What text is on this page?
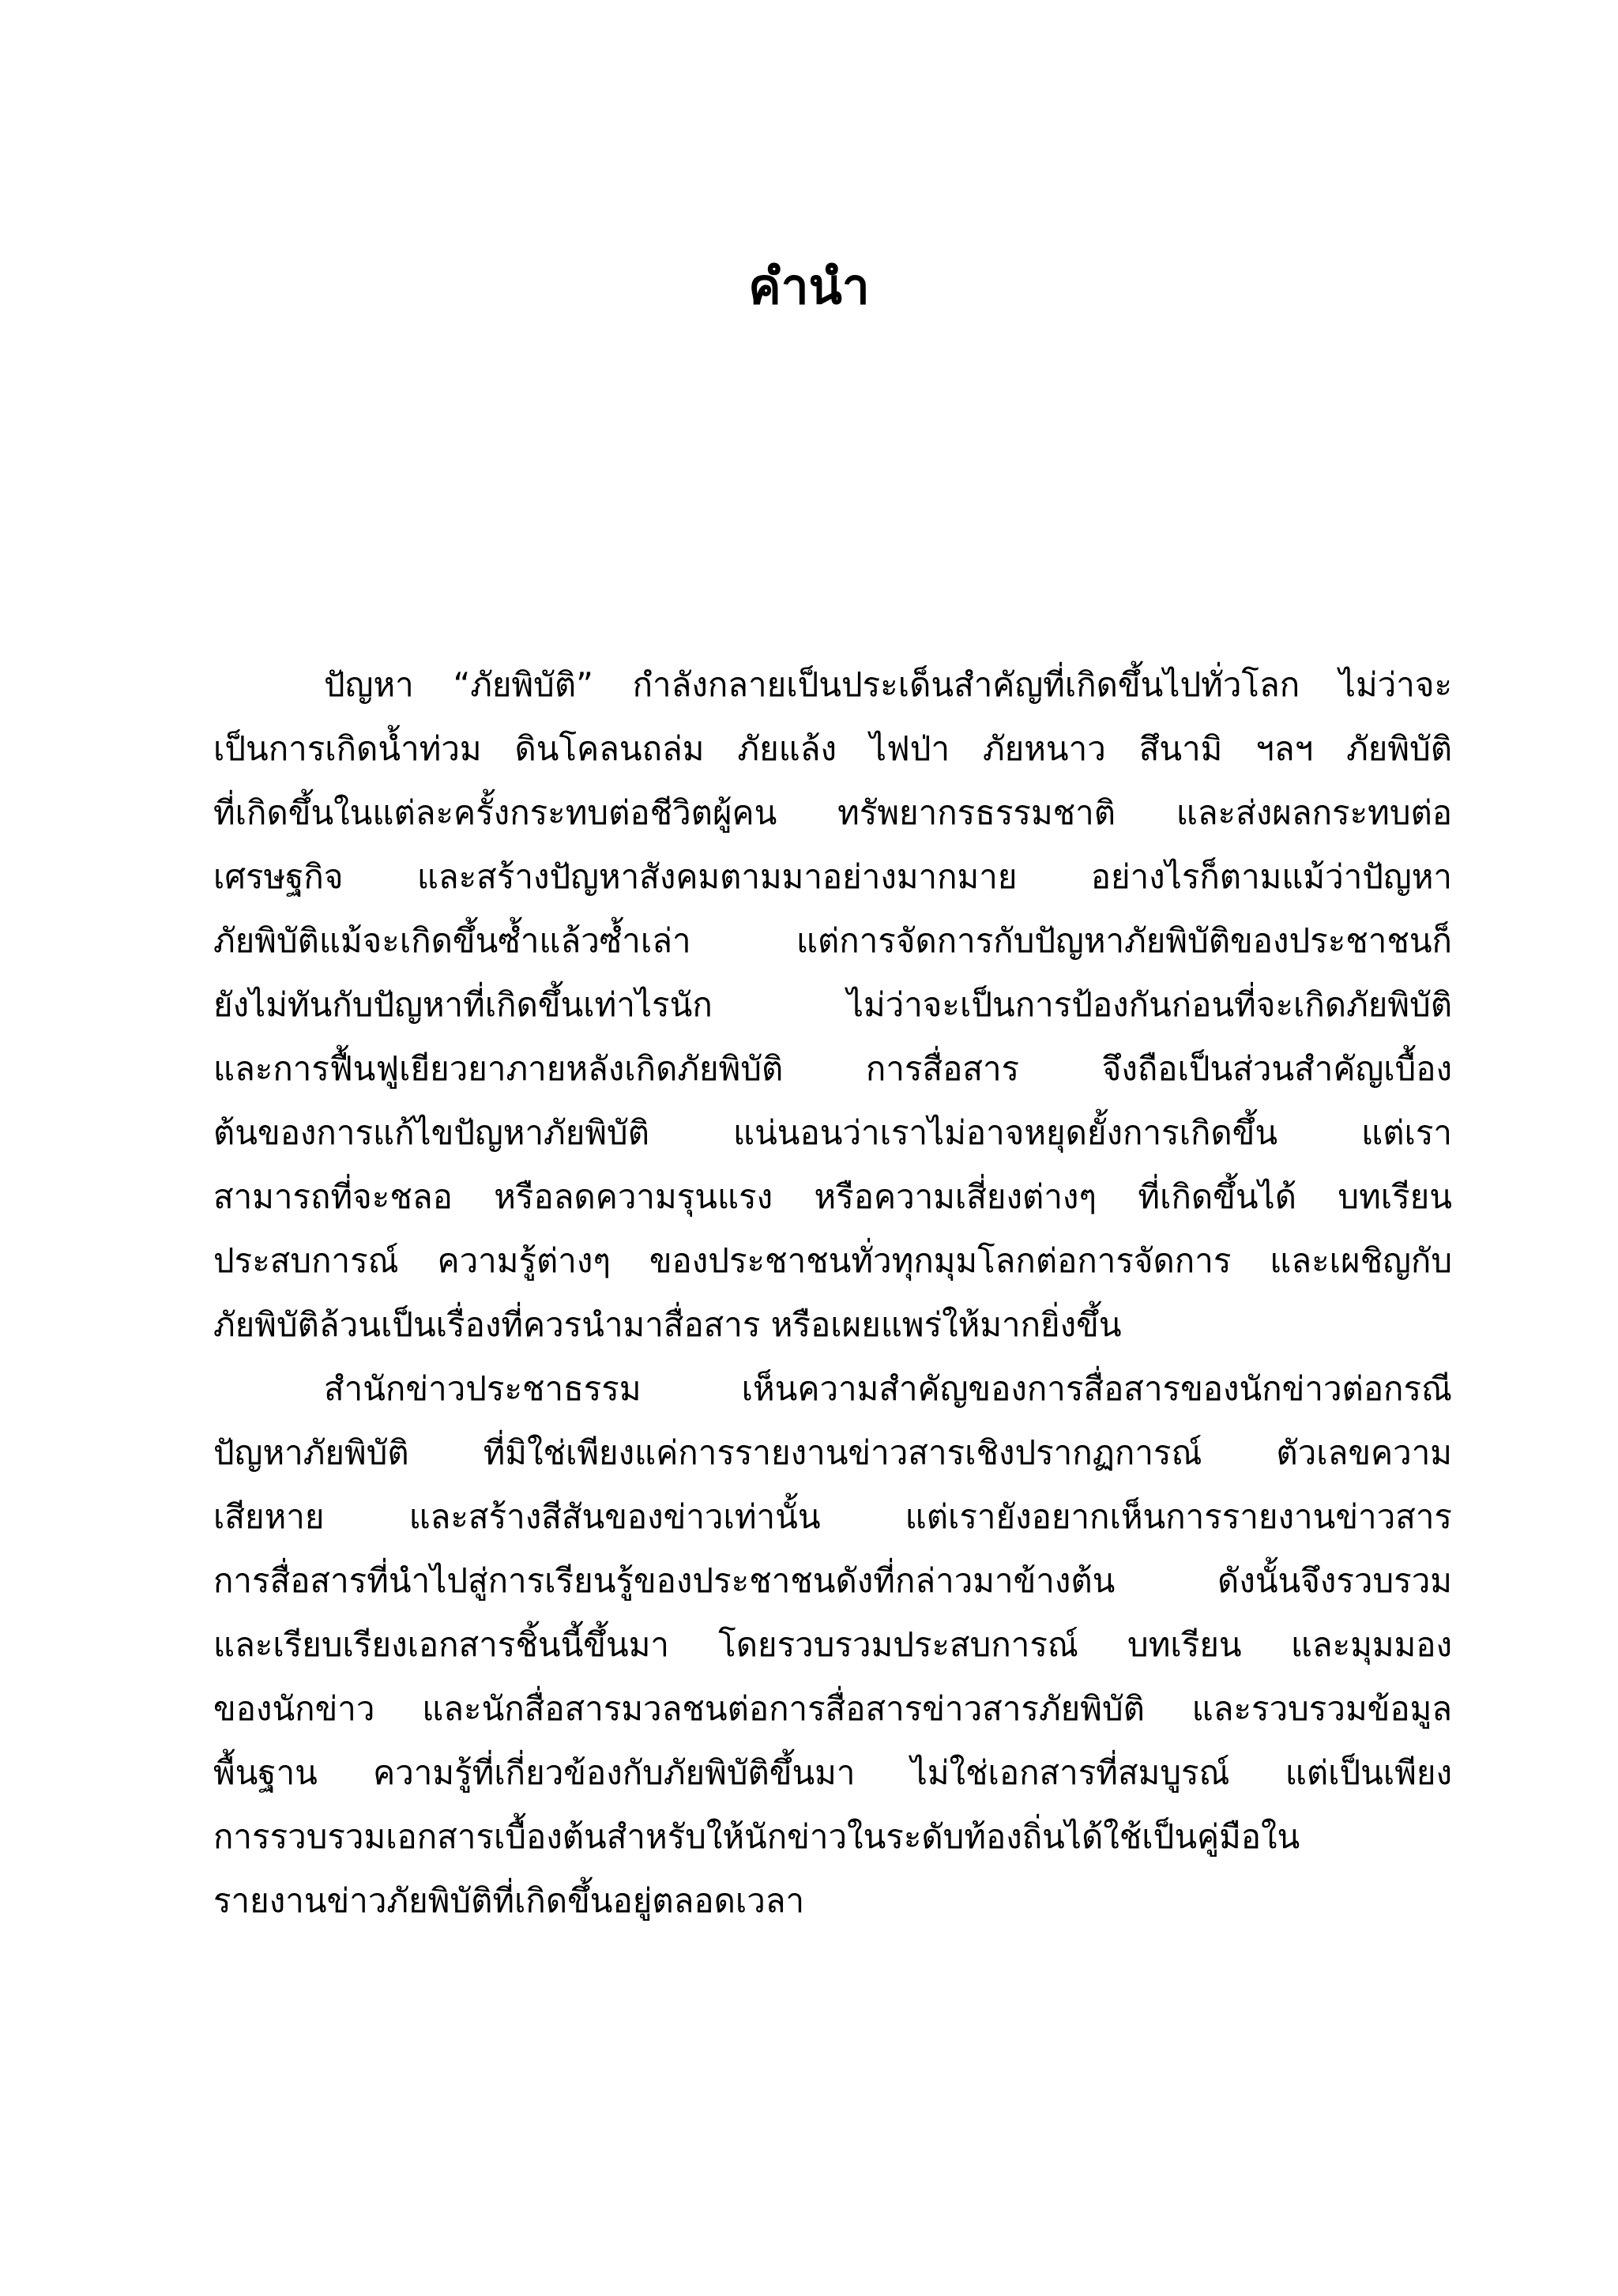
คำนำ
ปัญหา “ภัยพิบัติ” กำลังกลายเป็นประเด็นสำคัญที่เกิดขึ้นไปทั่วโลก ไม่ว่าจะ
เป็นการเกิดน้ำท่วม ดินโคลนถล่ม ภัยแล้ง ไฟป่า ภัยหนาว สึนามิ ฯลฯ ภัยพิบัติ
ที่เกิดขึ้นในแต่ละครั้งกระทบต่อชีวิตผู้คน ทรัพยากรธรรมชาติ และส่งผลกระทบต่อ
เศรษฐกิจ และสร้างปัญหาสังคมตามมาอย่างมากมาย อย่างไรก็ตามแม้ว่าปัญหา
ภัยพิบัติแม้จะเกิดขึ้นซ้ำแล้วซ้ำเล่า แต่การจัดการกับปัญหาภัยพิบัติของประชาชนก็
ยังไม่ทันกับปัญหาที่เกิดขึ้นเท่าไรนัก ไม่ว่าจะเป็นการป้องกันก่อนที่จะเกิดภัยพิบัติ
และการฟื้นฟูเยียวยาภายหลังเกิดภัยพิบัติ การสื่อสาร จึงถือเป็นส่วนสำคัญเบื้อง
ต้นของการแก้ไขปัญหาภัยพิบัติ แน่นอนว่าเราไม่อาจหยุดยั้งการเกิดขึ้น แต่เรา
สามารถที่จะชลอ หรือลดความรุนแรง หรือความเสี่ยงต่างๆ ที่เกิดขึ้นได้ บทเรียน
ประสบการณ์ ความรู้ต่างๆ ของประชาชนทั่วทุกมุมโลกต่อการจัดการ และเผชิญกับ
ภัยพิบัติล้วนเป็นเรื่องที่ควรนำมาสื่อสาร หรือเผยแพร่ให้มากยิ่งขึ้น
สำนักข่าวประชาธรรม เห็นความสำคัญของการสื่อสารของนักข่าวต่อกรณี
ปัญหาภัยพิบัติ ที่มิใช่เพียงแค่การรายงานข่าวสารเชิงปรากฏการณ์ ตัวเลขความ
เสียหาย และสร้างสีสันของข่าวเท่านั้น แต่เรายังอยากเห็นการรายงานข่าวสาร
การสื่อสารที่นำไปสู่การเรียนรู้ของประชาชนดังที่กล่าวมาข้างต้น ดังนั้นจึงรวบรวม
และเรียบเรียงเอกสารชิ้นนี้ขึ้นมา โดยรวบรวมประสบการณ์ บทเรียน และมุมมอง
ของนักข่าว และนักสื่อสารมวลชนต่อการสื่อสารข่าวสารภัยพิบัติ และรวบรวมข้อมูล
พื้นฐาน ความรู้ที่เกี่ยวข้องกับภัยพิบัติขึ้นมา ไม่ใช่เอกสารที่สมบูรณ์ แต่เป็นเพียง
การรวบรวมเอกสารเบื้องต้นสำหรับให้นักข่าวในระดับท้องถิ่นได้ใช้เป็นคู่มือใน
รายงานข่าวภัยพิบัติที่เกิดขึ้นอยู่ตลอดเวลา
